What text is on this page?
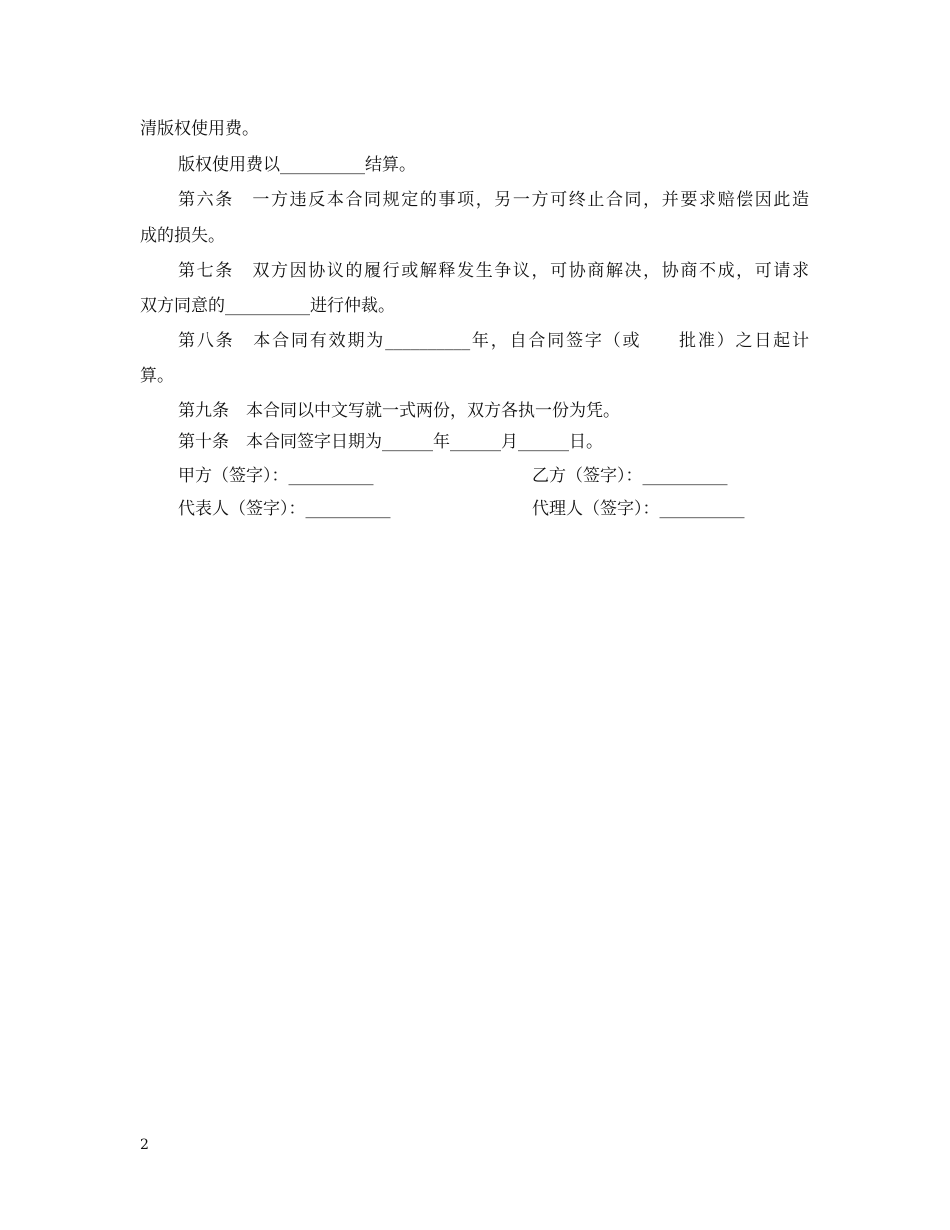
清版权使用费。
版权使用费以__________结算。
第六条　一方违反本合同规定的事项，另一方可终止合同，并要求赔偿因此造
成的损失。
第七条　双方因协议的履行或解释发生争议，可协商解决，协商不成，可请求
双方同意的__________进行仲裁。
第八条　本合同有效期为__________年，自合同签字（或　　批准）之日起计
算。
第九条　本合同以中文写就一式两份，双方各执一份为凭。
第十条　本合同签字日期为______年______月______日。
甲方（签字）：__________	乙方（签字）：__________
代表人（签字）：__________	代理人（签字）：__________
2
